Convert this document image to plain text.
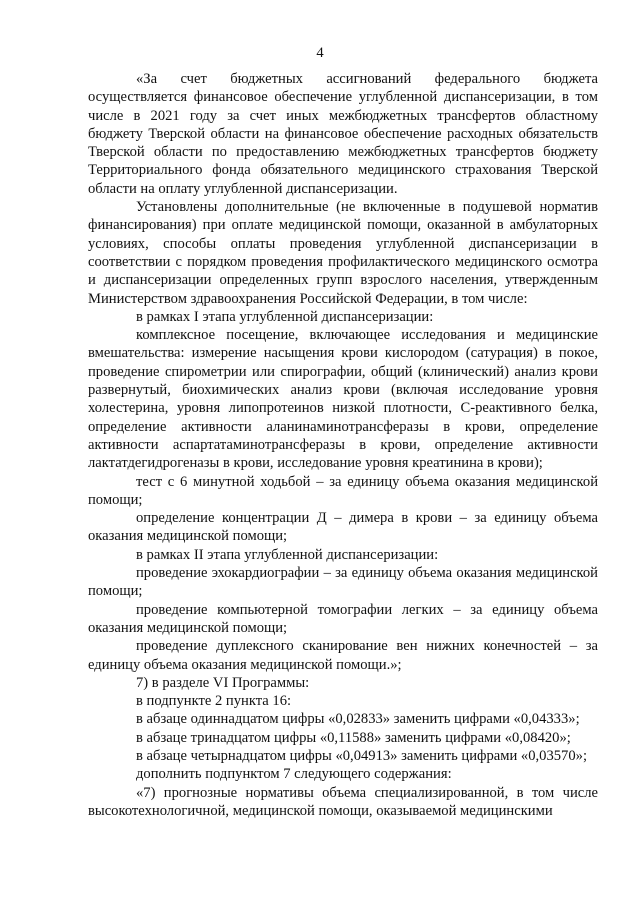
4

«За счет бюджетных ассигнований федерального бюджета осуществляется финансовое обеспечение углубленной диспансеризации, в том числе в 2021 году за счет иных межбюджетных трансфертов областному бюджету Тверской области на финансовое обеспечение расходных обязательств Тверской области по предоставлению межбюджетных трансфертов бюджету Территориального фонда обязательного медицинского страхования Тверской области на оплату углубленной диспансеризации.

Установлены дополнительные (не включенные в подушевой норматив финансирования) при оплате медицинской помощи, оказанной в амбулаторных условиях, способы оплаты проведения углубленной диспансеризации в соответствии с порядком проведения профилактического медицинского осмотра и диспансеризации определенных групп взрослого населения, утвержденным Министерством здравоохранения Российской Федерации, в том числе:

в рамках I этапа углубленной диспансеризации:

комплексное посещение, включающее исследования и медицинские вмешательства: измерение насыщения крови кислородом (сатурация) в покое, проведение спирометрии или спирографии, общий (клинический) анализ крови развернутый, биохимических анализ крови (включая исследование уровня холестерина, уровня липопротеинов низкой плотности, С-реактивного белка, определение активности аланинаминотрансферазы в крови, определение активности аспартатаминотрансферазы в крови, определение активности лактатдегидрогеназы в крови, исследование уровня креатинина в крови);

тест с 6 минутной ходьбой – за единицу объема оказания медицинской помощи;

определение концентрации Д – димера в крови – за единицу объема оказания медицинской помощи;

в рамках II этапа углубленной диспансеризации:

проведение эхокардиографии – за единицу объема оказания медицинской помощи;

проведение компьютерной томографии легких – за единицу объема оказания медицинской помощи;

проведение дуплексного сканирование вен нижних конечностей – за единицу объема оказания медицинской помощи.»;

7) в разделе VI Программы:

в подпункте 2 пункта 16:

в абзаце одиннадцатом цифры «0,02833» заменить цифрами «0,04333»;

в абзаце тринадцатом цифры «0,11588» заменить цифрами «0,08420»;

в абзаце четырнадцатом цифры «0,04913» заменить цифрами «0,03570»;

дополнить подпунктом 7 следующего содержания:

«7) прогнозные нормативы объема специализированной, в том числе высокотехнологичной, медицинской помощи, оказываемой медицинскими
